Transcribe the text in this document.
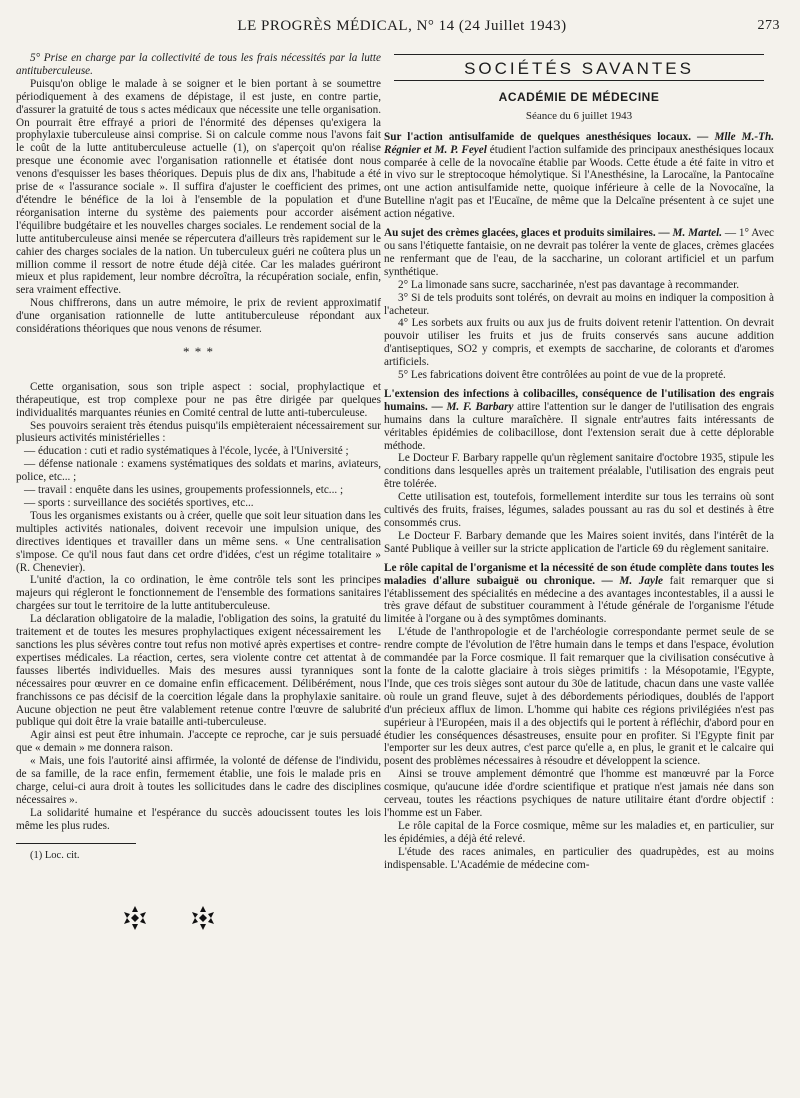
LE PROGRÈS MÉDICAL, N° 14 (24 Juillet 1943)	273

5° Prise en charge par la collectivité de tous les frais nécessités par la lutte antituberculeuse.

Puisqu'on oblige le malade à se soigner et le bien portant à se soumettre périodiquement à des examens de dépistage, il est juste, en contre partie, d'assurer la gratuité de tous s actes médicaux que nécessite une telle organisation. On pourrait être effrayé a priori de l'énormité des dépenses qu'exigera la prophylaxie tuberculeuse ainsi comprise. Si on calcule comme nous l'avons fait le coût de la lutte antituberculeuse actuelle (1), on s'aperçoit qu'on réalise presque une économie avec l'organisation rationnelle et étatisée dont nous venons d'esquisser les bases théoriques. Depuis plus de dix ans, l'habitude a été prise de « l'assurance sociale ». Il suffira d'ajuster le coefficient des primes, d'étendre le bénéfice de la loi à l'ensemble de la population et d'une réorganisation interne du système des paiements pour accorder aisément l'équilibre budgétaire et les nouvelles charges sociales. Le rendement social de la lutte antituberculeuse ainsi menée se répercutera d'ailleurs très rapidement sur le cahier des charges sociales de la nation. Un tuberculeux guéri ne coûtera plus un million comme il ressort de notre étude déjà citée. Car les malades guériront mieux et plus rapidement, leur nombre décroîtra, la récupération sociale, enfin, sera vraiment effective.

Nous chiffrerons, dans un autre mémoire, le prix de revient approximatif d'une organisation rationnelle de lutte antituberculeuse répondant aux considérations théoriques que nous venons de résumer.

* * *

Cette organisation, sous son triple aspect : social, prophylactique et thérapeutique, est trop complexe pour ne pas être dirigée par quelques individualités marquantes réunies en Comité central de lutte anti-tuberculeuse.

Ses pouvoirs seraient très étendus puisqu'ils empièteraient nécessairement sur plusieurs activités ministérielles :

— éducation : cuti et radio systématiques à l'école, lycée, à l'Université ;

— défense nationale : examens systématiques des soldats et marins, aviateurs, police, etc... ;

— travail : enquête dans les usines, groupements professionnels, etc... ;

— sports : surveillance des sociétés sportives, etc...

Tous les organismes existants ou à créer, quelle que soit leur situation dans les multiples activités nationales, doivent recevoir une impulsion unique, des directives identiques et travailler dans un même sens. « Une centralisation s'impose. Ce qu'il nous faut dans cet ordre d'idées, c'est un régime totalitaire » (R. Chenevier).

L'unité d'action, la co ordination, le ème contrôle tels sont les principes majeurs qui régleront le fonctionnement de l'ensemble des formations sanitaires chargées sur tout le territoire de la lutte antituberculeuse.

La déclaration obligatoire de la maladie, l'obligation des soins, la gratuité du traitement et de toutes les mesures prophylactiques exigent nécessairement les sanctions les plus sévères contre tout refus non motivé après expertises et contre-expertises médicales. La réaction, certes, sera violente contre cet attentat à de fausses libertés individuelles. Mais des mesures aussi tyranniques sont nécessaires pour œuvrer en ce domaine enfin efficacement. Délibérément, nous franchissons ce pas décisif de la coercition légale dans la prophylaxie sanitaire. Aucune objection ne peut être valablement retenue contre l'œuvre de salubrité publique qui doit être la vraie bataille anti-tuberculeuse.

Agir ainsi est peut être inhumain. J'accepte ce reproche, car je suis persuadé que « demain » me donnera raison.

« Mais, une fois l'autorité ainsi affirmée, la volonté de défense de l'individu, de sa famille, de la race enfin, fermement établie, une fois le malade pris en charge, celui-ci aura droit à toutes les sollicitudes dans le cadre des disciplines nécessaires ».

La solidarité humaine et l'espérance du succès adoucissent toutes les lois même les plus rudes.

(1) Loc. cit.

SOCIÉTÉS SAVANTES
ACADÉMIE DE MÉDECINE
Séance du 6 juillet 1943

Sur l'action antisulfamide de quelques anesthésiques locaux. — Mlle M.-Th. Régnier et M. P. Feyel étudient l'action sulfamide des principaux anesthésiques locaux comparée à celle de la novocaïne établie par Woods. Cette étude a été faite in vitro et in vivo sur le streptocoque hémolytique. Si l'Anesthésine, la Larocaïne, la Pantocaïne ont une action antisulfamide nette, quoique inférieure à celle de la Novocaïne, la Butelline n'agit pas et l'Eucaïne, de même que la Delcaïne présentent à ce sujet une action négative.

Au sujet des crèmes glacées, glaces et produits similaires. — M. Martel. — 1° Avec ou sans l'étiquette fantaisie, on ne devrait pas tolérer la vente de glaces, crèmes glacées ne renfermant que de l'eau, de la saccharine, un colorant artificiel et un parfum synthétique.

2° La limonade sans sucre, saccharinée, n'est pas davantage à recommander.

3° Si de tels produits sont tolérés, on devrait au moins en indiquer la composition à l'acheteur.

4° Les sorbets aux fruits ou aux jus de fruits doivent retenir l'attention. On devrait pouvoir utiliser les fruits et jus de fruits conservés sans aucune addition d'antiseptiques, SO2 y compris, et exempts de saccharine, de colorants et d'aromes artificiels.

5° Les fabrications doivent être contrôlées au point de vue de la propreté.

L'extension des infections à colibacilles, conséquence de l'utilisation des engrais humains. — M. F. Barbary attire l'attention sur le danger de l'utilisation des engrais humains dans la culture maraîchère. Il signale entr'autres faits intéressants de véritables épidémies de colibacillose, dont l'extension serait due à cette déplorable méthode.

Le Docteur F. Barbary rappelle qu'un règlement sanitaire d'octobre 1935, stipule les conditions dans lesquelles après un traitement préalable, l'utilisation des engrais peut être tolérée.

Cette utilisation est, toutefois, formellement interdite sur tous les terrains où sont cultivés des fruits, fraises, légumes, salades poussant au ras du sol et destinés à être consommés crus.

Le Docteur F. Barbary demande que les Maires soient invités, dans l'intérêt de la Santé Publique à veiller sur la stricte application de l'article 69 du règlement sanitaire.

Le rôle capital de l'organisme et la nécessité de son étude complète dans toutes les maladies d'allure subaiguë ou chronique. — M. Jayle fait remarquer que si l'établissement des spécialités en médecine a des avantages incontestables, il a aussi le très grave défaut de substituer couramment à l'étude générale de l'organisme l'étude limitée à l'organe ou à des symptômes dominants.

L'étude de l'anthropologie et de l'archéologie correspondante permet seule de se rendre compte de l'évolution de l'être humain dans le temps et dans l'espace, évolution commandée par la Force cosmique. Il fait remarquer que la civilisation consécutive à la fonte de la calotte glaciaire à trois sièges primitifs : la Mésopotamie, l'Egypte, l'Inde, que ces trois sièges sont autour du 30e de latitude, chacun dans une vaste vallée où roule un grand fleuve, sujet à des débordements périodiques, doublés de l'apport d'un précieux afflux de limon. L'homme qui habite ces régions privilégiées n'est pas supérieur à l'Européen, mais il a des objectifs qui le portent à réfléchir, d'abord pour en étudier les conséquences désastreuses, ensuite pour en profiter. Si l'Egypte finit par l'emporter sur les deux autres, c'est parce qu'elle a, en plus, le granit et le calcaire qui posent des problèmes nécessaires à résoudre et développent la science.

Ainsi se trouve amplement démontré que l'homme est manœuvré par la Force cosmique, qu'aucune idée d'ordre scientifique et pratique n'est jamais née dans son cerveau, toutes les réactions psychiques de nature utilitaire étant d'ordre objectif : l'homme est un Faber.

Le rôle capital de la Force cosmique, même sur les maladies et, en particulier, sur les épidémies, a déjà été relevé.

L'étude des races animales, en particulier des quadrupèdes, est au moins indispensable. L'Académie de médecine com-
